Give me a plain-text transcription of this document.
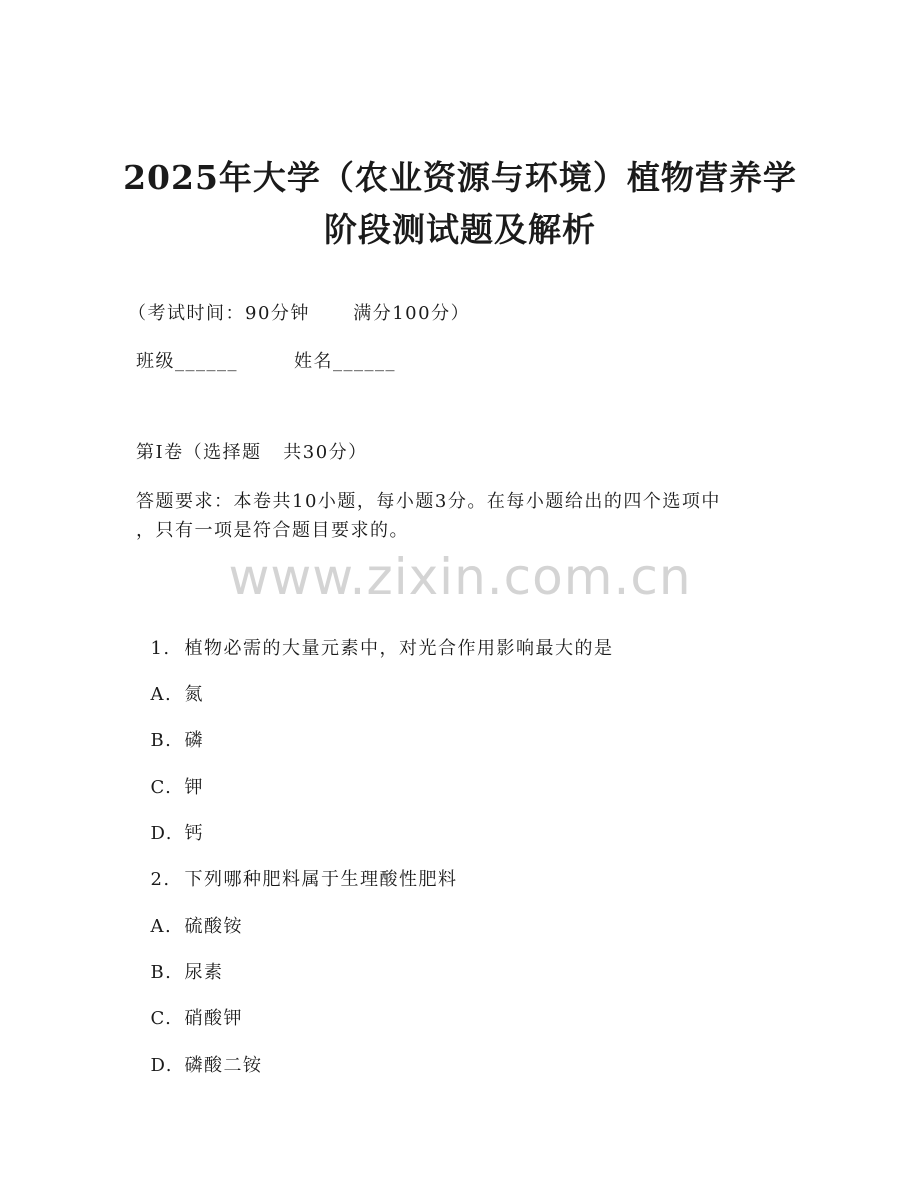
2025年大学（农业资源与环境）植物营养学
阶段测试题及解析
（考试时间：90分钟      满分100分）
班级______	姓名______
第I卷（选择题   共30分）
答题要求：本卷共10小题，每小题3分。在每小题给出的四个选项中
，只有一项是符合题目要求的。
www.zixin.com.cn

1. 植物必需的大量元素中，对光合作用影响最大的是

A. 氮

B. 磷

C. 钾

D. 钙

2. 下列哪种肥料属于生理酸性肥料

A. 硫酸铵

B. 尿素

C. 硝酸钾

D. 磷酸二铵
